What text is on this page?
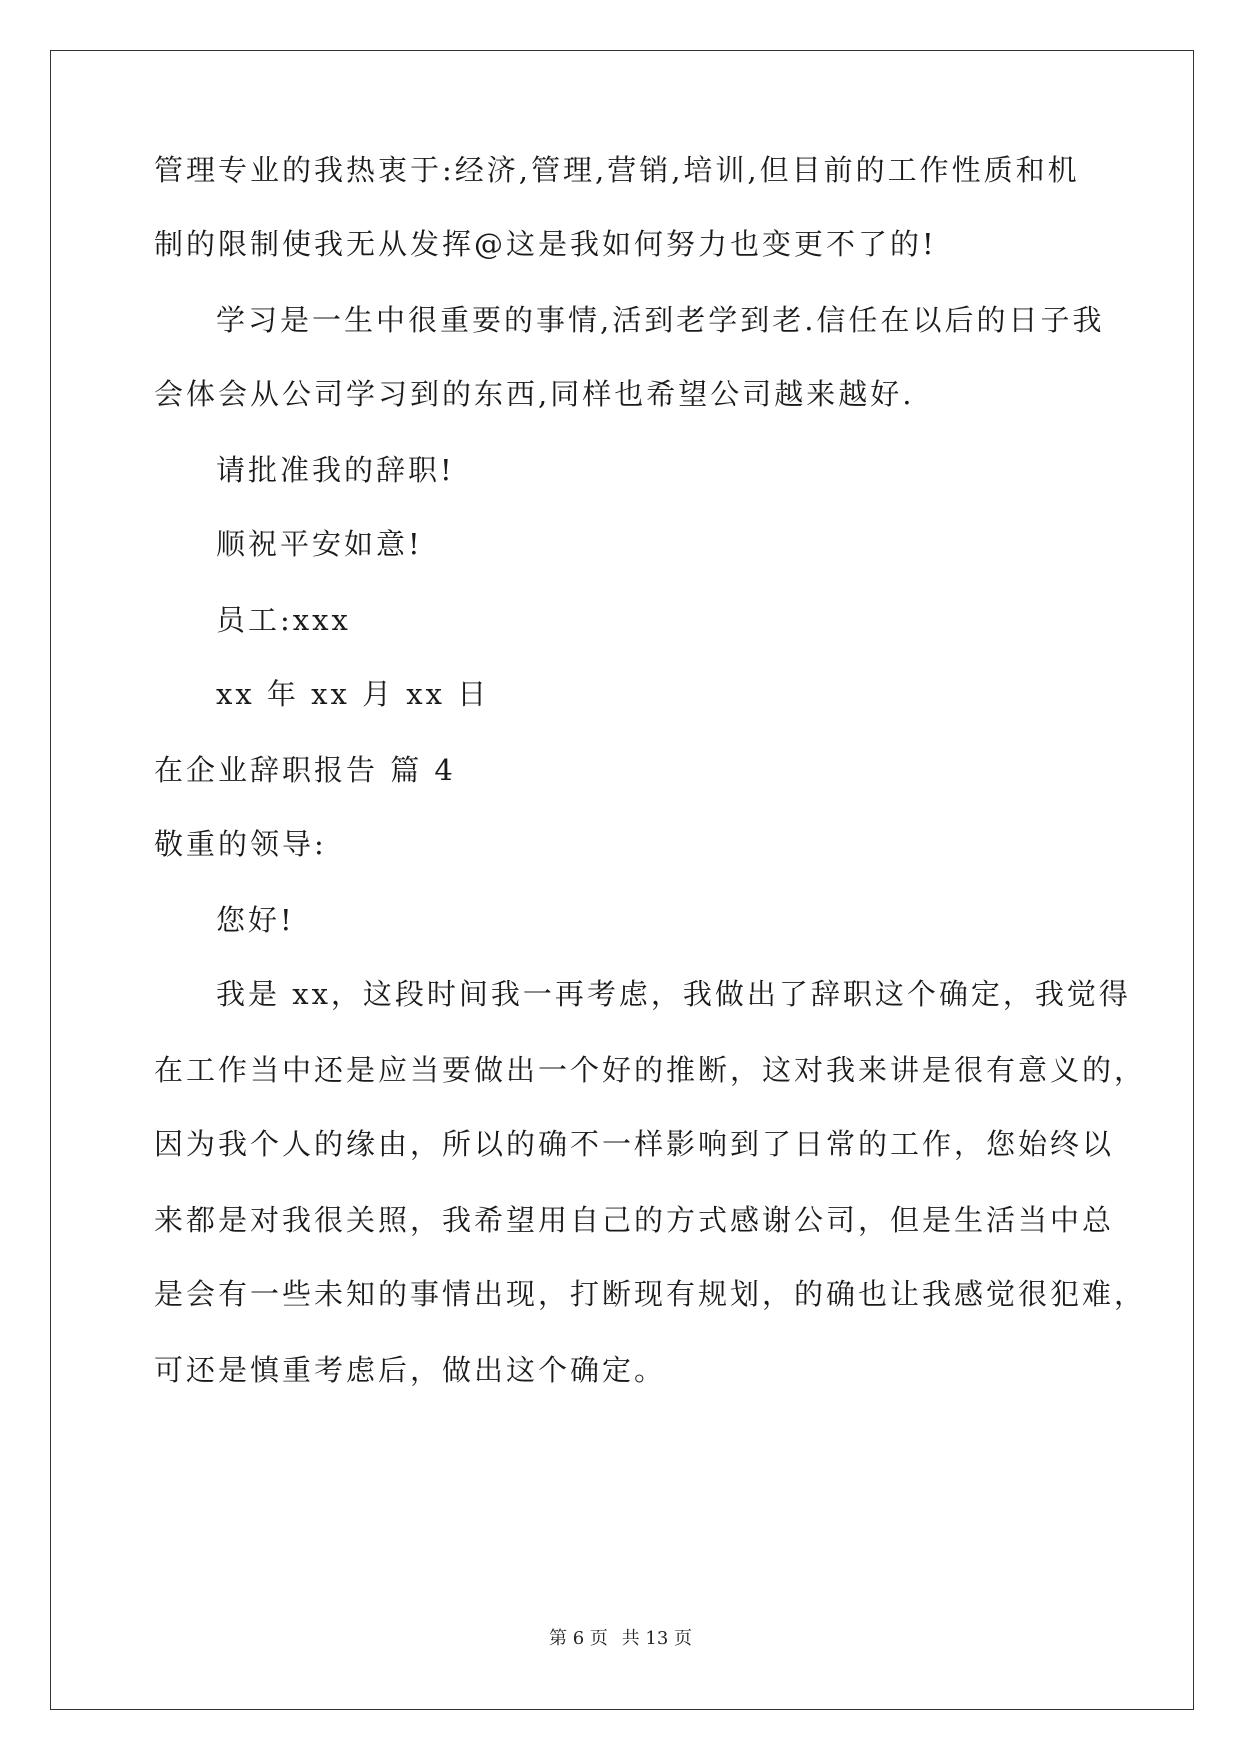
管理专业的我热衷于:经济,管理,营销,培训,但目前的工作性质和机
制的限制使我无从发挥@这是我如何努力也变更不了的!
学习是一生中很重要的事情,活到老学到老.信任在以后的日子我
会体会从公司学习到的东西,同样也希望公司越来越好.
请批准我的辞职!
顺祝平安如意!
员工:xxx
xx 年 xx 月 xx 日
在企业辞职报告 篇 4
敬重的领导:
您好!
我是 xx，这段时间我一再考虑，我做出了辞职这个确定，我觉得
在工作当中还是应当要做出一个好的推断，这对我来讲是很有意义的，
因为我个人的缘由，所以的确不一样影响到了日常的工作，您始终以
来都是对我很关照，我希望用自己的方式感谢公司，但是生活当中总
是会有一些未知的事情出现，打断现有规划，的确也让我感觉很犯难，
可还是慎重考虑后，做出这个确定。
第 6 页 共 13 页
